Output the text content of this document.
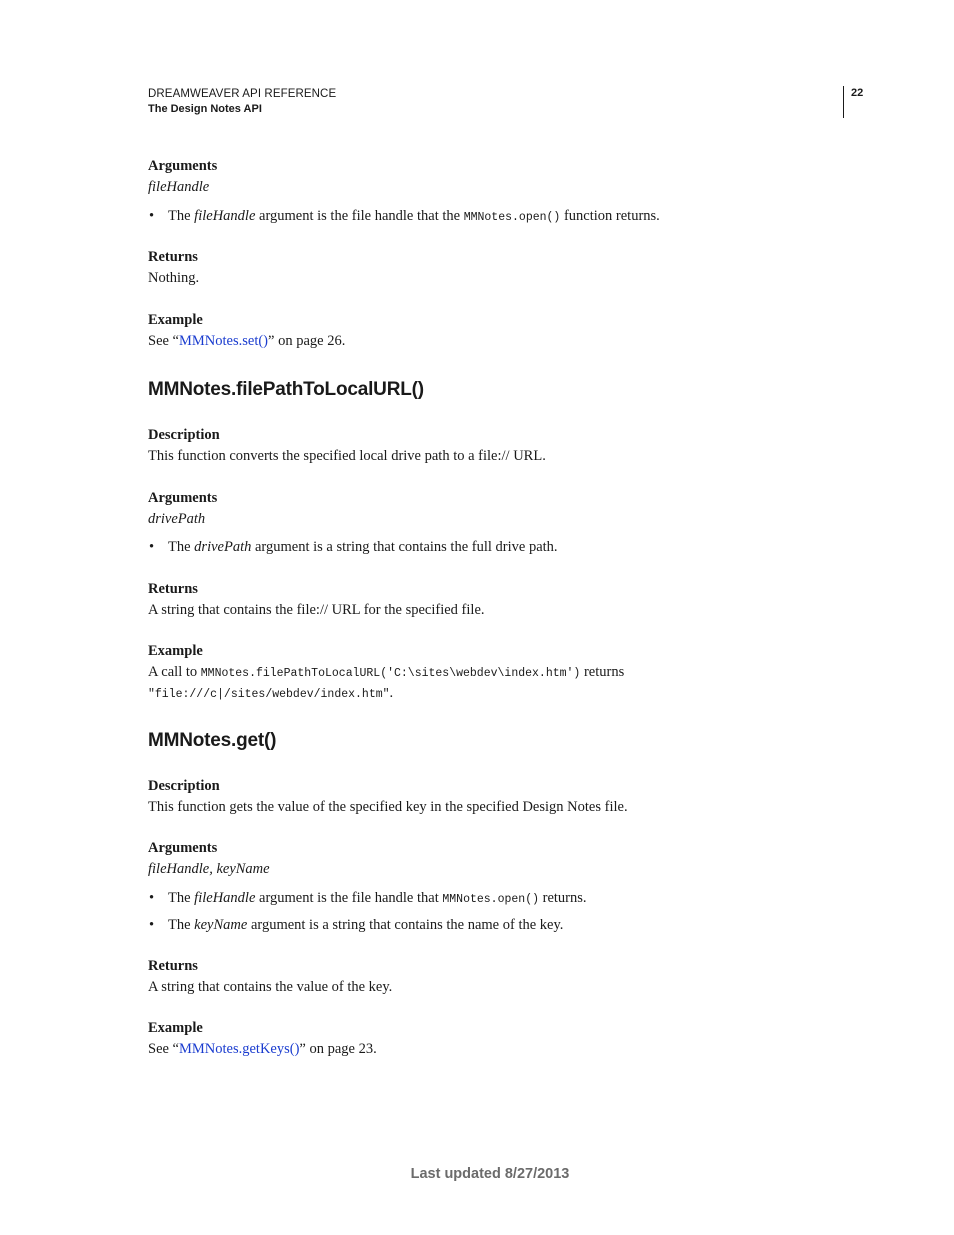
DREAMWEAVER API REFERENCE
The Design Notes API
22
Arguments
fileHandle
• The fileHandle argument is the file handle that the MMNotes.open() function returns.
Returns
Nothing.
Example
See “MMNotes.set()” on page 26.
MMNotes.filePathToLocalURL()
Description
This function converts the specified local drive path to a file:// URL.
Arguments
drivePath
• The drivePath argument is a string that contains the full drive path.
Returns
A string that contains the file:// URL for the specified file.
Example
A call to MMNotes.filePathToLocalURL('C:\sites\webdev\index.htm') returns
"file:///c|/sites/webdev/index.htm".
MMNotes.get()
Description
This function gets the value of the specified key in the specified Design Notes file.
Arguments
fileHandle, keyName
• The fileHandle argument is the file handle that MMNotes.open() returns.
• The keyName argument is a string that contains the name of the key.
Returns
A string that contains the value of the key.
Example
See “MMNotes.getKeys()” on page 23.
Last updated 8/27/2013
